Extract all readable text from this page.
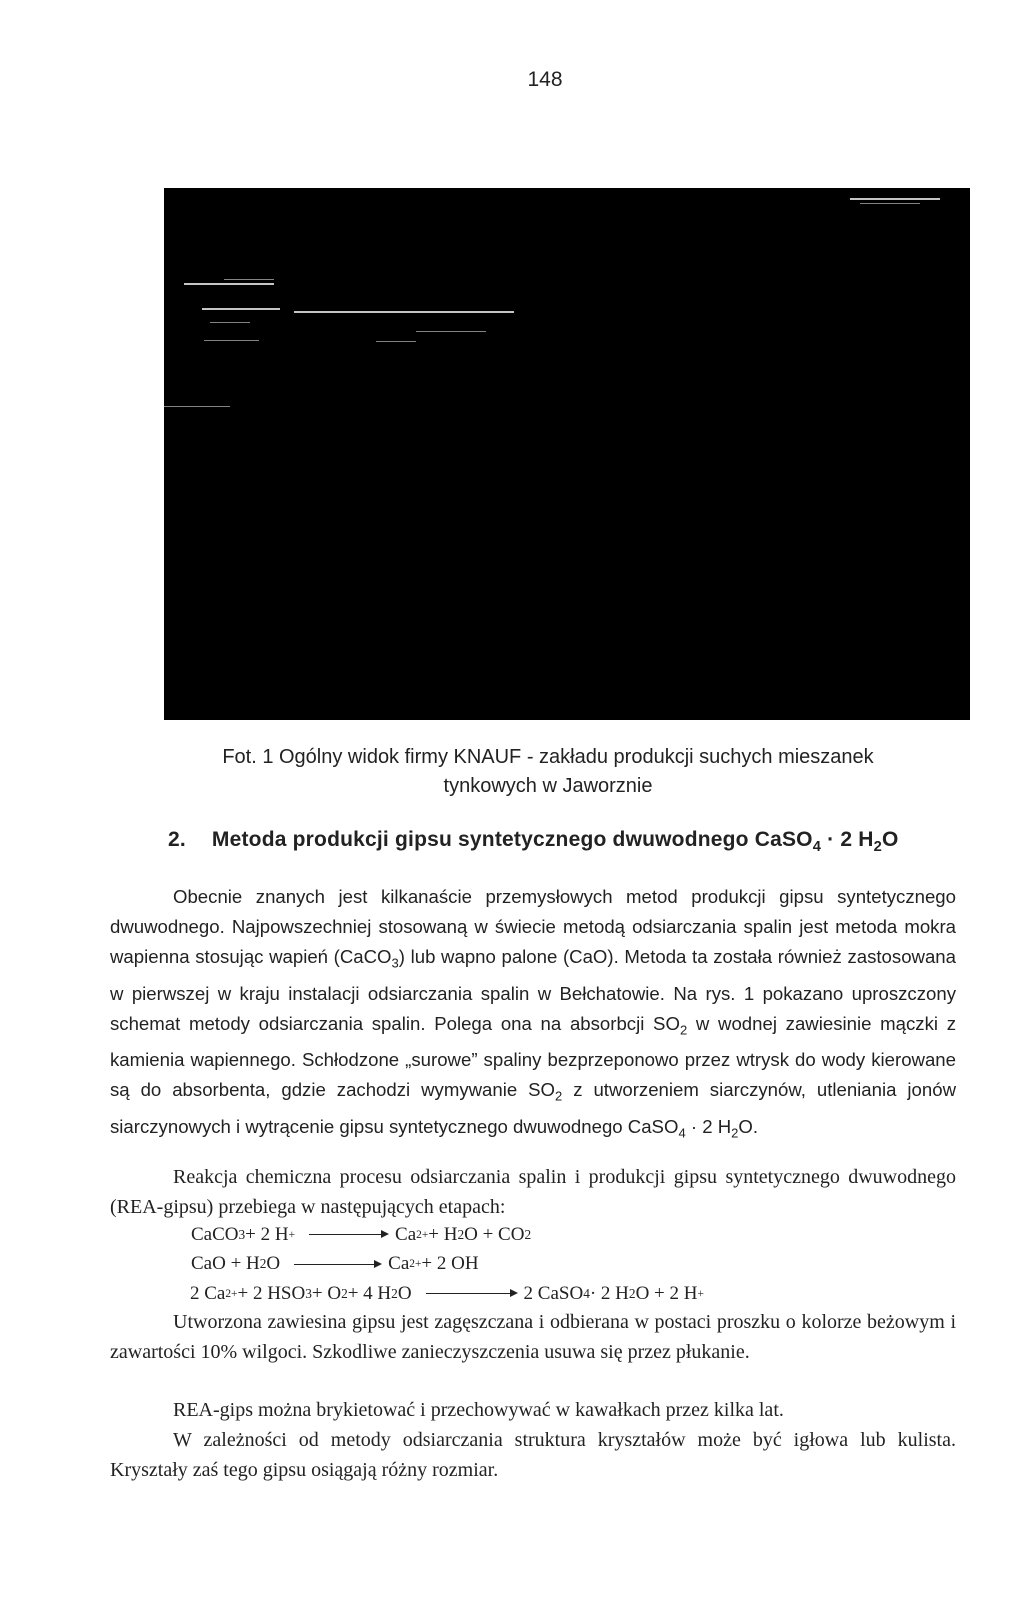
148
Fot. 1 Ogólny widok firmy KNAUF - zakładu produkcji suchych mieszanek
tynkowych w Jaworznie
2. Metoda produkcji gipsu syntetycznego dwuwodnego CaSO$_4$ · 2 $H_2O$
Obecnie znanych jest kilkanaście przemysłowych metod produkcji gipsu syntetycznego dwuwodnego. Najpowszechniej stosowaną w świecie metodą odsiarczania spalin jest metoda mokra wapienna stosując wapień (CaCO$_3$) lub wapno palone (CaO). Metoda ta została również zastosowana w pierwszej w kraju instalacji odsiarczania spalin w Bełchatowie. Na rys. 1 pokazano uproszczony schemat metody odsiarczania spalin. Polega ona na absorbcji $SO_2$ w wodnej zawiesinie mączki z kamienia wapiennego. Schłodzone „surowe” spaliny bezprzeponowo przez wtrysk do wody kierowane są do absorbenta, gdzie zachodzi wymywanie $SO_2$ z utworzeniem siarczynów, utleniania jonów siarczynowych i wytrącenie gipsu syntetycznego dwuwodnego CaSO$_4$ · 2 $H_2O$.
Reakcja chemiczna procesu odsiarczania spalin i produkcji gipsu syntetycznego dwuwodnego (REA-gipsu) przebiega w następujących etapach:
CaCO 3 + 2 H +	Ca 2+ + H 2 O + CO 2
CaO + H 2 O	Ca 2+ + 2 OH
2 Ca 2+ + 2 HSO 3 + O 2 + 4 H 2 O	2 CaSO 4 · 2 H 2 O + 2 H +
Utworzona zawiesina gipsu jest zagęszczana i odbierana w postaci proszku o kolorze beżowym i zawartości 10% wilgoci. Szkodliwe zanieczyszczenia usuwa się przez płukanie.
REA-gips można brykietować i przechowywać w kawałkach przez kilka lat.
W zależności od metody odsiarczania struktura kryształów może być igłowa lub kulista. Kryształy zaś tego gipsu osiągają różny rozmiar.
